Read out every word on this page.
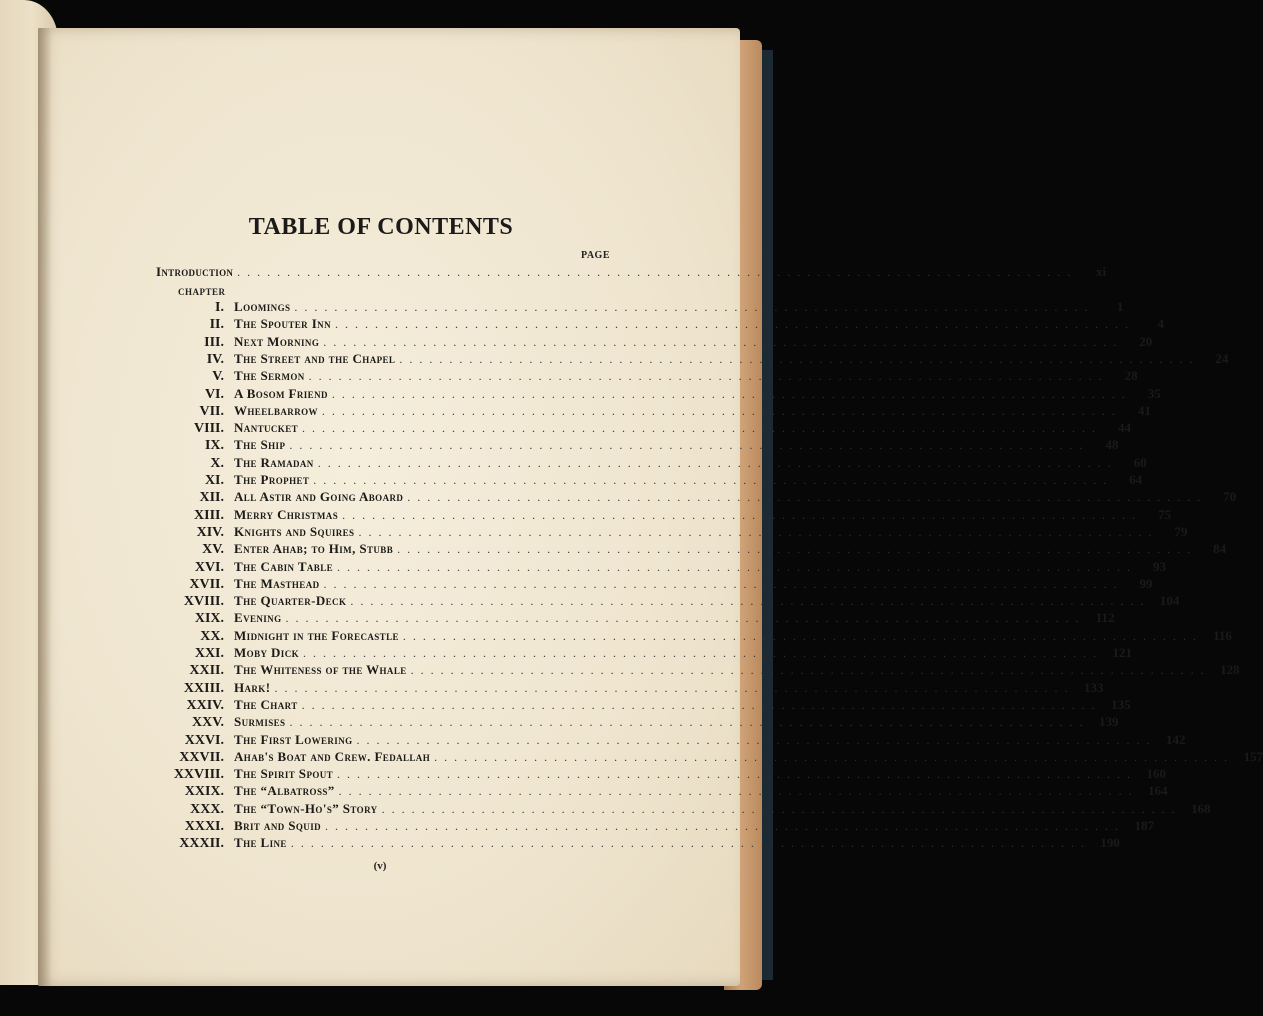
TABLE OF CONTENTS
PAGE
Introduction . . . . . . . . . . . . . . . . . . . . . . . . . . . . . . . . . . . . . . . . . . . . . . . . . . . . . . . . . . . . . . . . . . . . . . . . . . . . . . . . . . . .	xi
CHAPTER
I. Loomings . . . . . . . . . . . . . . . . . . . . . . . . . . . . . . . . . . . . . . . . . . . . . . . . . . . . . . . . . . . . . . . . . . . . . . . . . . . . . . . .	1
II. The Spouter Inn . . . . . . . . . . . . . . . . . . . . . . . . . . . . . . . . . . . . . . . . . . . . . . . . . . . . . . . . . . . . . . . . . . . . . . . . . . . . . . . .	4
III. Next Morning . . . . . . . . . . . . . . . . . . . . . . . . . . . . . . . . . . . . . . . . . . . . . . . . . . . . . . . . . . . . . . . . . . . . . . . . . . . . . . . .	20
IV. The Street and the Chapel . . . . . . . . . . . . . . . . . . . . . . . . . . . . . . . . . . . . . . . . . . . . . . . . . . . . . . . . . . . . . . . . . . . . . . . . . . . . . . . .	24
V. The Sermon . . . . . . . . . . . . . . . . . . . . . . . . . . . . . . . . . . . . . . . . . . . . . . . . . . . . . . . . . . . . . . . . . . . . . . . . . . . . . . . .	28
VI. A Bosom Friend . . . . . . . . . . . . . . . . . . . . . . . . . . . . . . . . . . . . . . . . . . . . . . . . . . . . . . . . . . . . . . . . . . . . . . . . . . . . . . . .	35
VII. Wheelbarrow . . . . . . . . . . . . . . . . . . . . . . . . . . . . . . . . . . . . . . . . . . . . . . . . . . . . . . . . . . . . . . . . . . . . . . . . . . . . . . . .	41
VIII. Nantucket . . . . . . . . . . . . . . . . . . . . . . . . . . . . . . . . . . . . . . . . . . . . . . . . . . . . . . . . . . . . . . . . . . . . . . . . . . . . . . . .	44
IX. The Ship . . . . . . . . . . . . . . . . . . . . . . . . . . . . . . . . . . . . . . . . . . . . . . . . . . . . . . . . . . . . . . . . . . . . . . . . . . . . . . . .	48
X. The Ramadan . . . . . . . . . . . . . . . . . . . . . . . . . . . . . . . . . . . . . . . . . . . . . . . . . . . . . . . . . . . . . . . . . . . . . . . . . . . . . . . .	60
XI. The Prophet . . . . . . . . . . . . . . . . . . . . . . . . . . . . . . . . . . . . . . . . . . . . . . . . . . . . . . . . . . . . . . . . . . . . . . . . . . . . . . . .	64
XII. All Astir and Going Aboard . . . . . . . . . . . . . . . . . . . . . . . . . . . . . . . . . . . . . . . . . . . . . . . . . . . . . . . . . . . . . . . . . . . . . . . . . . . . . . . .	70
XIII. Merry Christmas . . . . . . . . . . . . . . . . . . . . . . . . . . . . . . . . . . . . . . . . . . . . . . . . . . . . . . . . . . . . . . . . . . . . . . . . . . . . . . . .	75
XIV. Knights and Squires . . . . . . . . . . . . . . . . . . . . . . . . . . . . . . . . . . . . . . . . . . . . . . . . . . . . . . . . . . . . . . . . . . . . . . . . . . . . . . . .	79
XV. Enter Ahab; to Him, Stubb . . . . . . . . . . . . . . . . . . . . . . . . . . . . . . . . . . . . . . . . . . . . . . . . . . . . . . . . . . . . . . . . . . . . . . . . . . . . . . . .	84
XVI. The Cabin Table . . . . . . . . . . . . . . . . . . . . . . . . . . . . . . . . . . . . . . . . . . . . . . . . . . . . . . . . . . . . . . . . . . . . . . . . . . . . . . . .	93
XVII. The Masthead . . . . . . . . . . . . . . . . . . . . . . . . . . . . . . . . . . . . . . . . . . . . . . . . . . . . . . . . . . . . . . . . . . . . . . . . . . . . . . . .	99
XVIII. The Quarter-Deck . . . . . . . . . . . . . . . . . . . . . . . . . . . . . . . . . . . . . . . . . . . . . . . . . . . . . . . . . . . . . . . . . . . . . . . . . . . . . . . .	104
XIX. Evening . . . . . . . . . . . . . . . . . . . . . . . . . . . . . . . . . . . . . . . . . . . . . . . . . . . . . . . . . . . . . . . . . . . . . . . . . . . . . . . .	112
XX. Midnight in the Forecastle . . . . . . . . . . . . . . . . . . . . . . . . . . . . . . . . . . . . . . . . . . . . . . . . . . . . . . . . . . . . . . . . . . . . . . . . . . . . . . . .	116
XXI. Moby Dick . . . . . . . . . . . . . . . . . . . . . . . . . . . . . . . . . . . . . . . . . . . . . . . . . . . . . . . . . . . . . . . . . . . . . . . . . . . . . . . .	121
XXII. The Whiteness of the Whale . . . . . . . . . . . . . . . . . . . . . . . . . . . . . . . . . . . . . . . . . . . . . . . . . . . . . . . . . . . . . . . . . . . . . . . . . . . . . . . .	128
XXIII. Hark! . . . . . . . . . . . . . . . . . . . . . . . . . . . . . . . . . . . . . . . . . . . . . . . . . . . . . . . . . . . . . . . . . . . . . . . . . . . . . . . .	133
XXIV. The Chart . . . . . . . . . . . . . . . . . . . . . . . . . . . . . . . . . . . . . . . . . . . . . . . . . . . . . . . . . . . . . . . . . . . . . . . . . . . . . . . .	135
XXV. Surmises . . . . . . . . . . . . . . . . . . . . . . . . . . . . . . . . . . . . . . . . . . . . . . . . . . . . . . . . . . . . . . . . . . . . . . . . . . . . . . . .	139
XXVI. The First Lowering . . . . . . . . . . . . . . . . . . . . . . . . . . . . . . . . . . . . . . . . . . . . . . . . . . . . . . . . . . . . . . . . . . . . . . . . . . . . . . . .	142
XXVII. Ahab's Boat and Crew. Fedallah . . . . . . . . . . . . . . . . . . . . . . . . . . . . . . . . . . . . . . . . . . . . . . . . . . . . . . . . . . . . . . . . . . . . . . . . . . . . . . . .	157
XXVIII. The Spirit Spout . . . . . . . . . . . . . . . . . . . . . . . . . . . . . . . . . . . . . . . . . . . . . . . . . . . . . . . . . . . . . . . . . . . . . . . . . . . . . . . .	160
XXIX. The “Albatross” . . . . . . . . . . . . . . . . . . . . . . . . . . . . . . . . . . . . . . . . . . . . . . . . . . . . . . . . . . . . . . . . . . . . . . . . . . . . . . . .	164
XXX. The “Town-Ho's” Story . . . . . . . . . . . . . . . . . . . . . . . . . . . . . . . . . . . . . . . . . . . . . . . . . . . . . . . . . . . . . . . . . . . . . . . . . . . . . . . .	168
XXXI. Brit and Squid . . . . . . . . . . . . . . . . . . . . . . . . . . . . . . . . . . . . . . . . . . . . . . . . . . . . . . . . . . . . . . . . . . . . . . . . . . . . . . . .	187
XXXII. The Line . . . . . . . . . . . . . . . . . . . . . . . . . . . . . . . . . . . . . . . . . . . . . . . . . . . . . . . . . . . . . . . . . . . . . . . . . . . . . . . .	190
(v)
